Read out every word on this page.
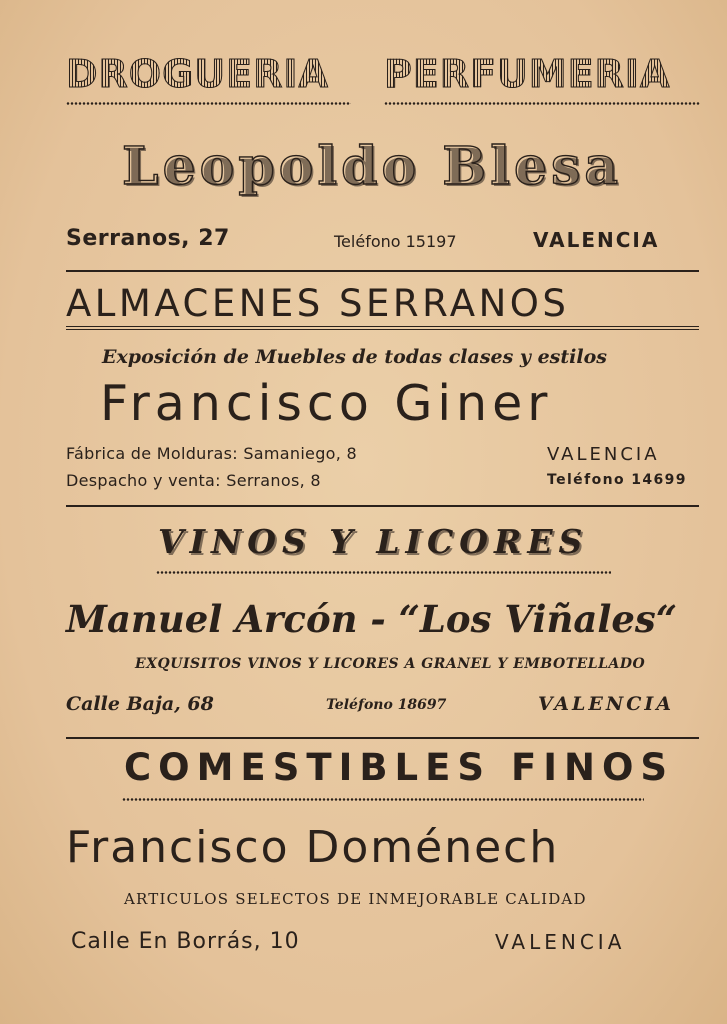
DROGUERIA PERFUMERIA
Leopoldo Blesa
Serranos, 27	Teléfono 15197	VALENCIA
ALMACENES SERRANOS
Exposición de Muebles de todas clases y estilos
Francisco Giner
Fábrica de Molduras: Samaniego, 8
Despacho y venta: Serranos, 8
VALENCIA
Teléfono 14699
VINOS Y LICORES
Manuel Arcón - “Los Viñales“
EXQUISITOS VINOS Y LICORES A GRANEL Y EMBOTELLADO
Calle Baja, 68	Teléfono 18697	VALENCIA
COMESTIBLES FINOS
Francisco Doménech
ARTICULOS SELECTOS DE INMEJORABLE CALIDAD
Calle En Borrás, 10	VALENCIA
